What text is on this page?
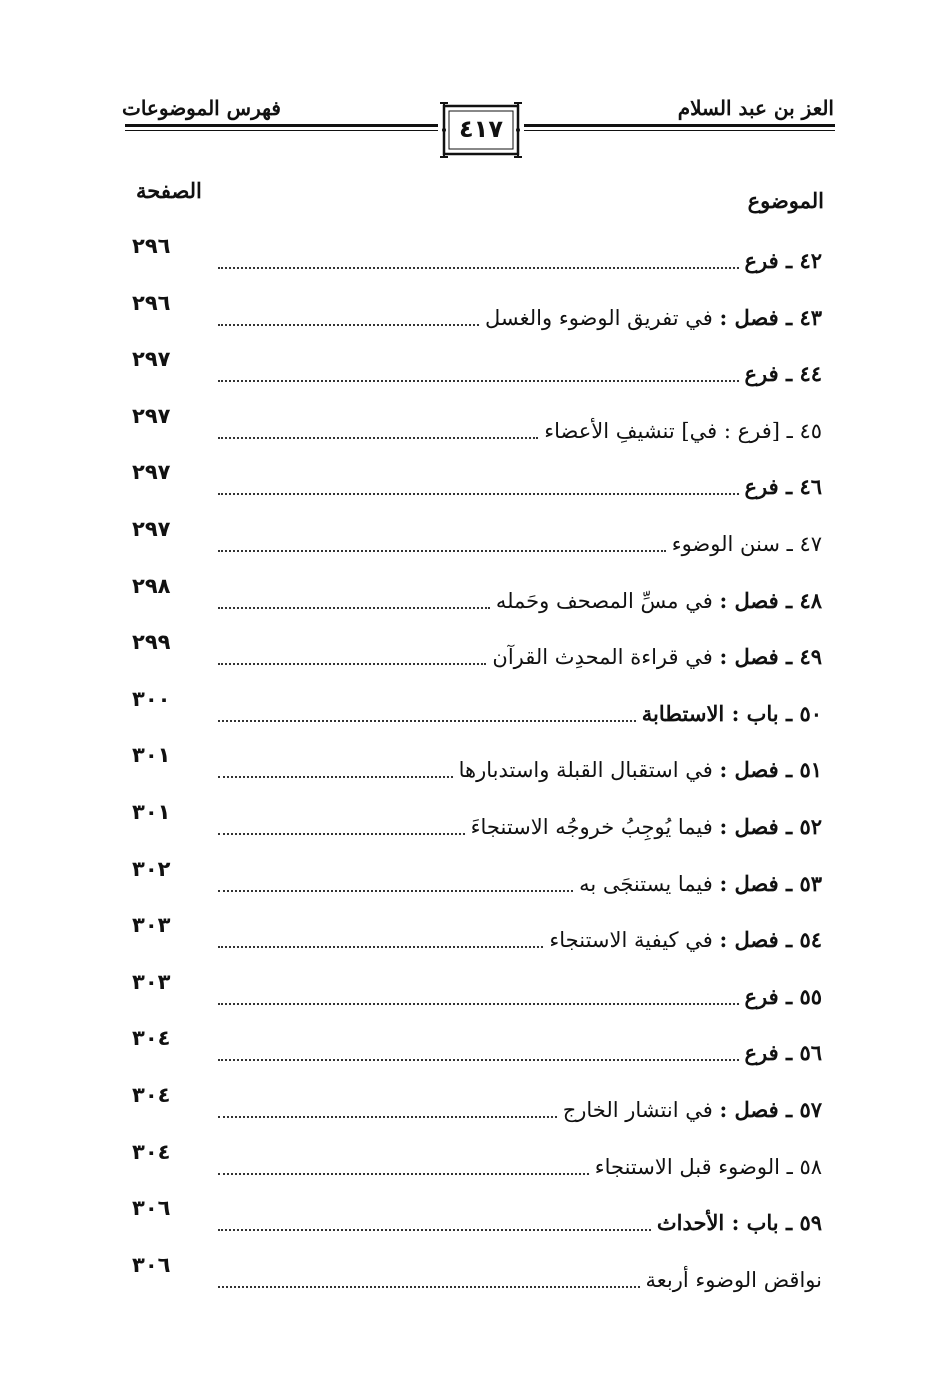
العز بن عبد السلام
فهرس الموضوعات
٤١٧
الموضوع
الصفحة
٢٩٦
٤٢ ـ فرع
٢٩٦
٤٣ ـ فصل : في تفريق الوضوء والغسل
٢٩٧
٤٤ ـ فرع
٢٩٧
٤٥ ـ [فرع : في] تنشيفِ الأعضاء
٢٩٧
٤٦ ـ فرع
٢٩٧
٤٧ ـ سنن الوضوء
٢٩٨
٤٨ ـ فصل : في مسِّ المصحف وحَمله
٢٩٩
٤٩ ـ فصل : في قراءة المحدِث القرآن
٣٠٠
٥٠ ـ باب : الاستطابة
٣٠١
٥١ ـ فصل : في استقبال القبلة واستدبارها
٣٠١
٥٢ ـ فصل : فيما يُوجِبُ خروجُه الاستنجاءَ
٣٠٢
٥٣ ـ فصل : فيما يستنجَى به
٣٠٣
٥٤ ـ فصل : في كيفية الاستنجاء
٣٠٣
٥٥ ـ فرع
٣٠٤
٥٦ ـ فرع
٣٠٤
٥٧ ـ فصل : في انتشار الخارج
٣٠٤
٥٨ ـ الوضوء قبل الاستنجاء
٣٠٦
٥٩ ـ باب : الأحداث
٣٠٦
نواقض الوضوء أربعة
